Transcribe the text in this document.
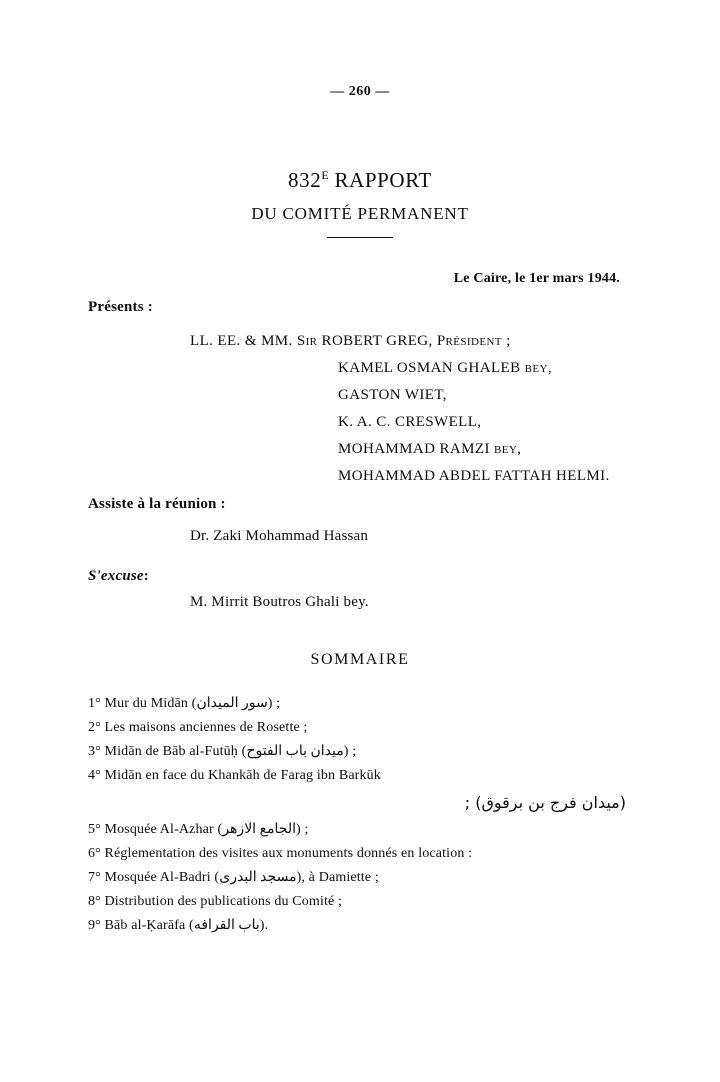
— 260 —
$832^E$ RAPPORT
DU COMITÉ PERMANENT
Le Caire, le 1er mars 1944.
Présents :
LL. EE. & MM. Sir ROBERT GREG, Président ;
KAMEL OSMAN GHALEB bey,
GASTON WIET,
K. A. C. CRESWELL,
MOHAMMAD RAMZI bey,
MOHAMMAD ABDEL FATTAH HELMI.
Assiste à la réunion :
Dr. Zaki Mohammad Hassan
S'excuse:
M. Mirrit Boutros Ghali bey.
SOMMAIRE
1° Mur du Midān (سور الميدان) ;
2° Les maisons anciennes de Rosette ;
3° Midān de Bāb al-Futūḥ (ميدان باب الفتوح) ;
4° Midān en face du Khankāh de Farag ibn Barkūk
(ميدان فرج بن برقوق) ;
5° Mosquée Al-Azhar (الجامع الازهر) ;
6° Réglementation des visites aux monuments donnés en location :
7° Mosquée Al-Badri (مسجد البدرى), à Damiette ;
8° Distribution des publications du Comité ;
9° Bāb al-Ḳarāfa (باب القرافه).
